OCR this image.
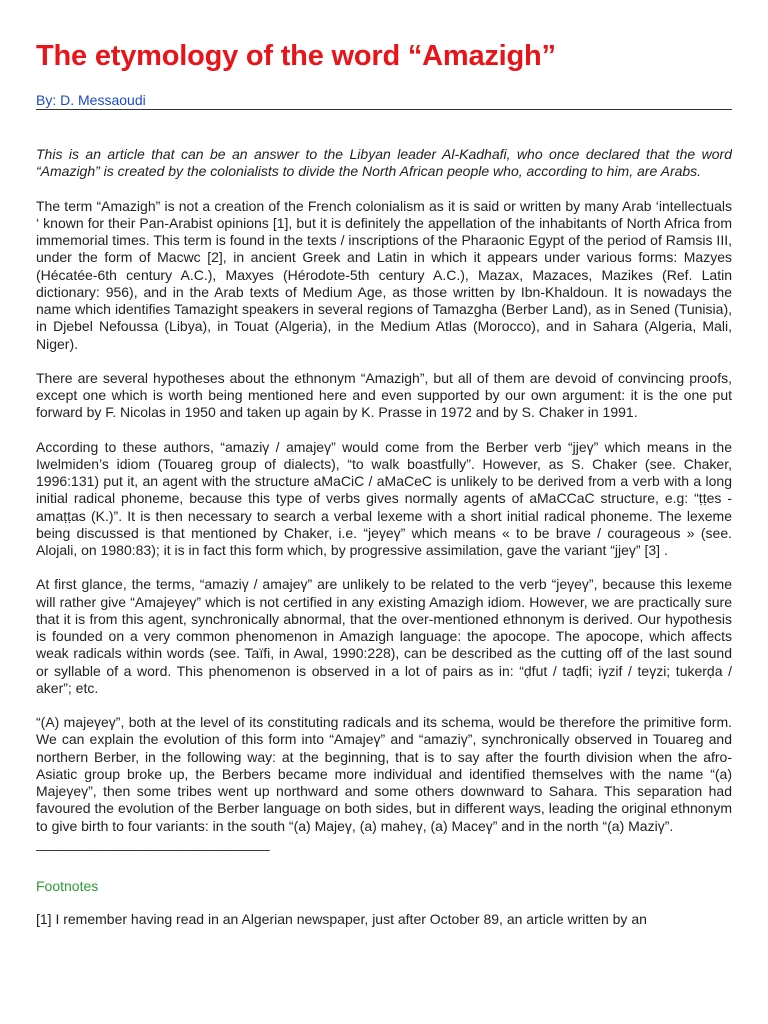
The etymology of the word “Amazigh”
By: D. Messaoudi

This is an article that can be an answer to the Libyan leader Al-Kadhafi, who once declared that the word “Amazigh” is created by the colonialists to divide the North African people who, according to him, are Arabs.

The term “Amazigh” is not a creation of the French colonialism as it is said or written by many Arab ‘intellectuals ‘ known for their Pan-Arabist opinions [1], but it is definitely the appellation of the inhabitants of North Africa from immemorial times. This term is found in the texts / inscriptions of the Pharaonic Egypt of the period of Ramsis III, under the form of Macwc [2], in ancient Greek and Latin in which it appears under various forms: Mazyes (Hécatée-6th century A.C.), Maxyes (Hérodote-5th century A.C.), Mazax, Mazaces, Mazikes (Ref. Latin dictionary: 956), and in the Arab texts of Medium Age, as those written by Ibn-Khaldoun. It is nowadays the name which identifies Tamazight speakers in several regions of Tamazgha (Berber Land), as in Sened (Tunisia), in Djebel Nefoussa (Libya), in Touat (Algeria), in the Medium Atlas (Morocco), and in Sahara (Algeria, Mali, Niger).

There are several hypotheses about the ethnonym “Amazigh”, but all of them are devoid of convincing proofs, except one which is worth being mentioned here and even supported by our own argument: it is the one put forward by F. Nicolas in 1950 and taken up again by K. Prasse in 1972 and by S. Chaker in 1991.

According to these authors, “amaziγ / amajeγ” would come from the Berber verb “jjeγ” which means in the Iwelmiden’s idiom (Touareg group of dialects), “to walk boastfully”. However, as S. Chaker (see. Chaker, 1996:131) put it, an agent with the structure aMaCiC / aMaCeC is unlikely to be derived from a verb with a long initial radical phoneme, because this type of verbs gives normally agents of aMaCCaC structure, e.g: “ṭṭes - amaṭṭas (K.)”. It is then necessary to search a verbal lexeme with a short initial radical phoneme. The lexeme being discussed is that mentioned by Chaker, i.e. “jeγeγ” which means « to be brave / courageous » (see. Alojali, on 1980:83); it is in fact this form which, by progressive assimilation, gave the variant “jjeγ” [3] .

At first glance, the terms, “amaziγ / amajeγ” are unlikely to be related to the verb “jeγeγ”, because this lexeme will rather give “Amajeγeγ” which is not certified in any existing Amazigh idiom. However, we are practically sure that it is from this agent, synchronically abnormal, that the over-mentioned ethnonym is derived. Our hypothesis is founded on a very common phenomenon in Amazigh language: the apocope. The apocope, which affects weak radicals within words (see. Taïfi, in Awal, 1990:228), can be described as the cutting off of the last sound or syllable of a word. This phenomenon is observed in a lot of pairs as in: “ḍfut / taḍfi; iγzif / teγzi; tukerḍa / aker”; etc.

“(A) majeγeγ”, both at the level of its constituting radicals and its schema, would be therefore the primitive form. We can explain the evolution of this form into “Amajeγ” and “amaziγ”, synchronically observed in Touareg and northern Berber, in the following way: at the beginning, that is to say after the fourth division when the afro-Asiatic group broke up, the Berbers became more individual and identified themselves with the name “(a) Majeγeγ”, then some tribes went up northward and some others downward to Sahara. This separation had favoured the evolution of the Berber language on both sides, but in different ways, leading the original ethnonym to give birth to four variants: in the south “(a) Majeγ, (a) maheγ, (a) Maceγ” and in the north “(a) Maziγ”.

______________________________
Footnotes

[1] I remember having read in an Algerian newspaper, just after October 89, an article written by an
